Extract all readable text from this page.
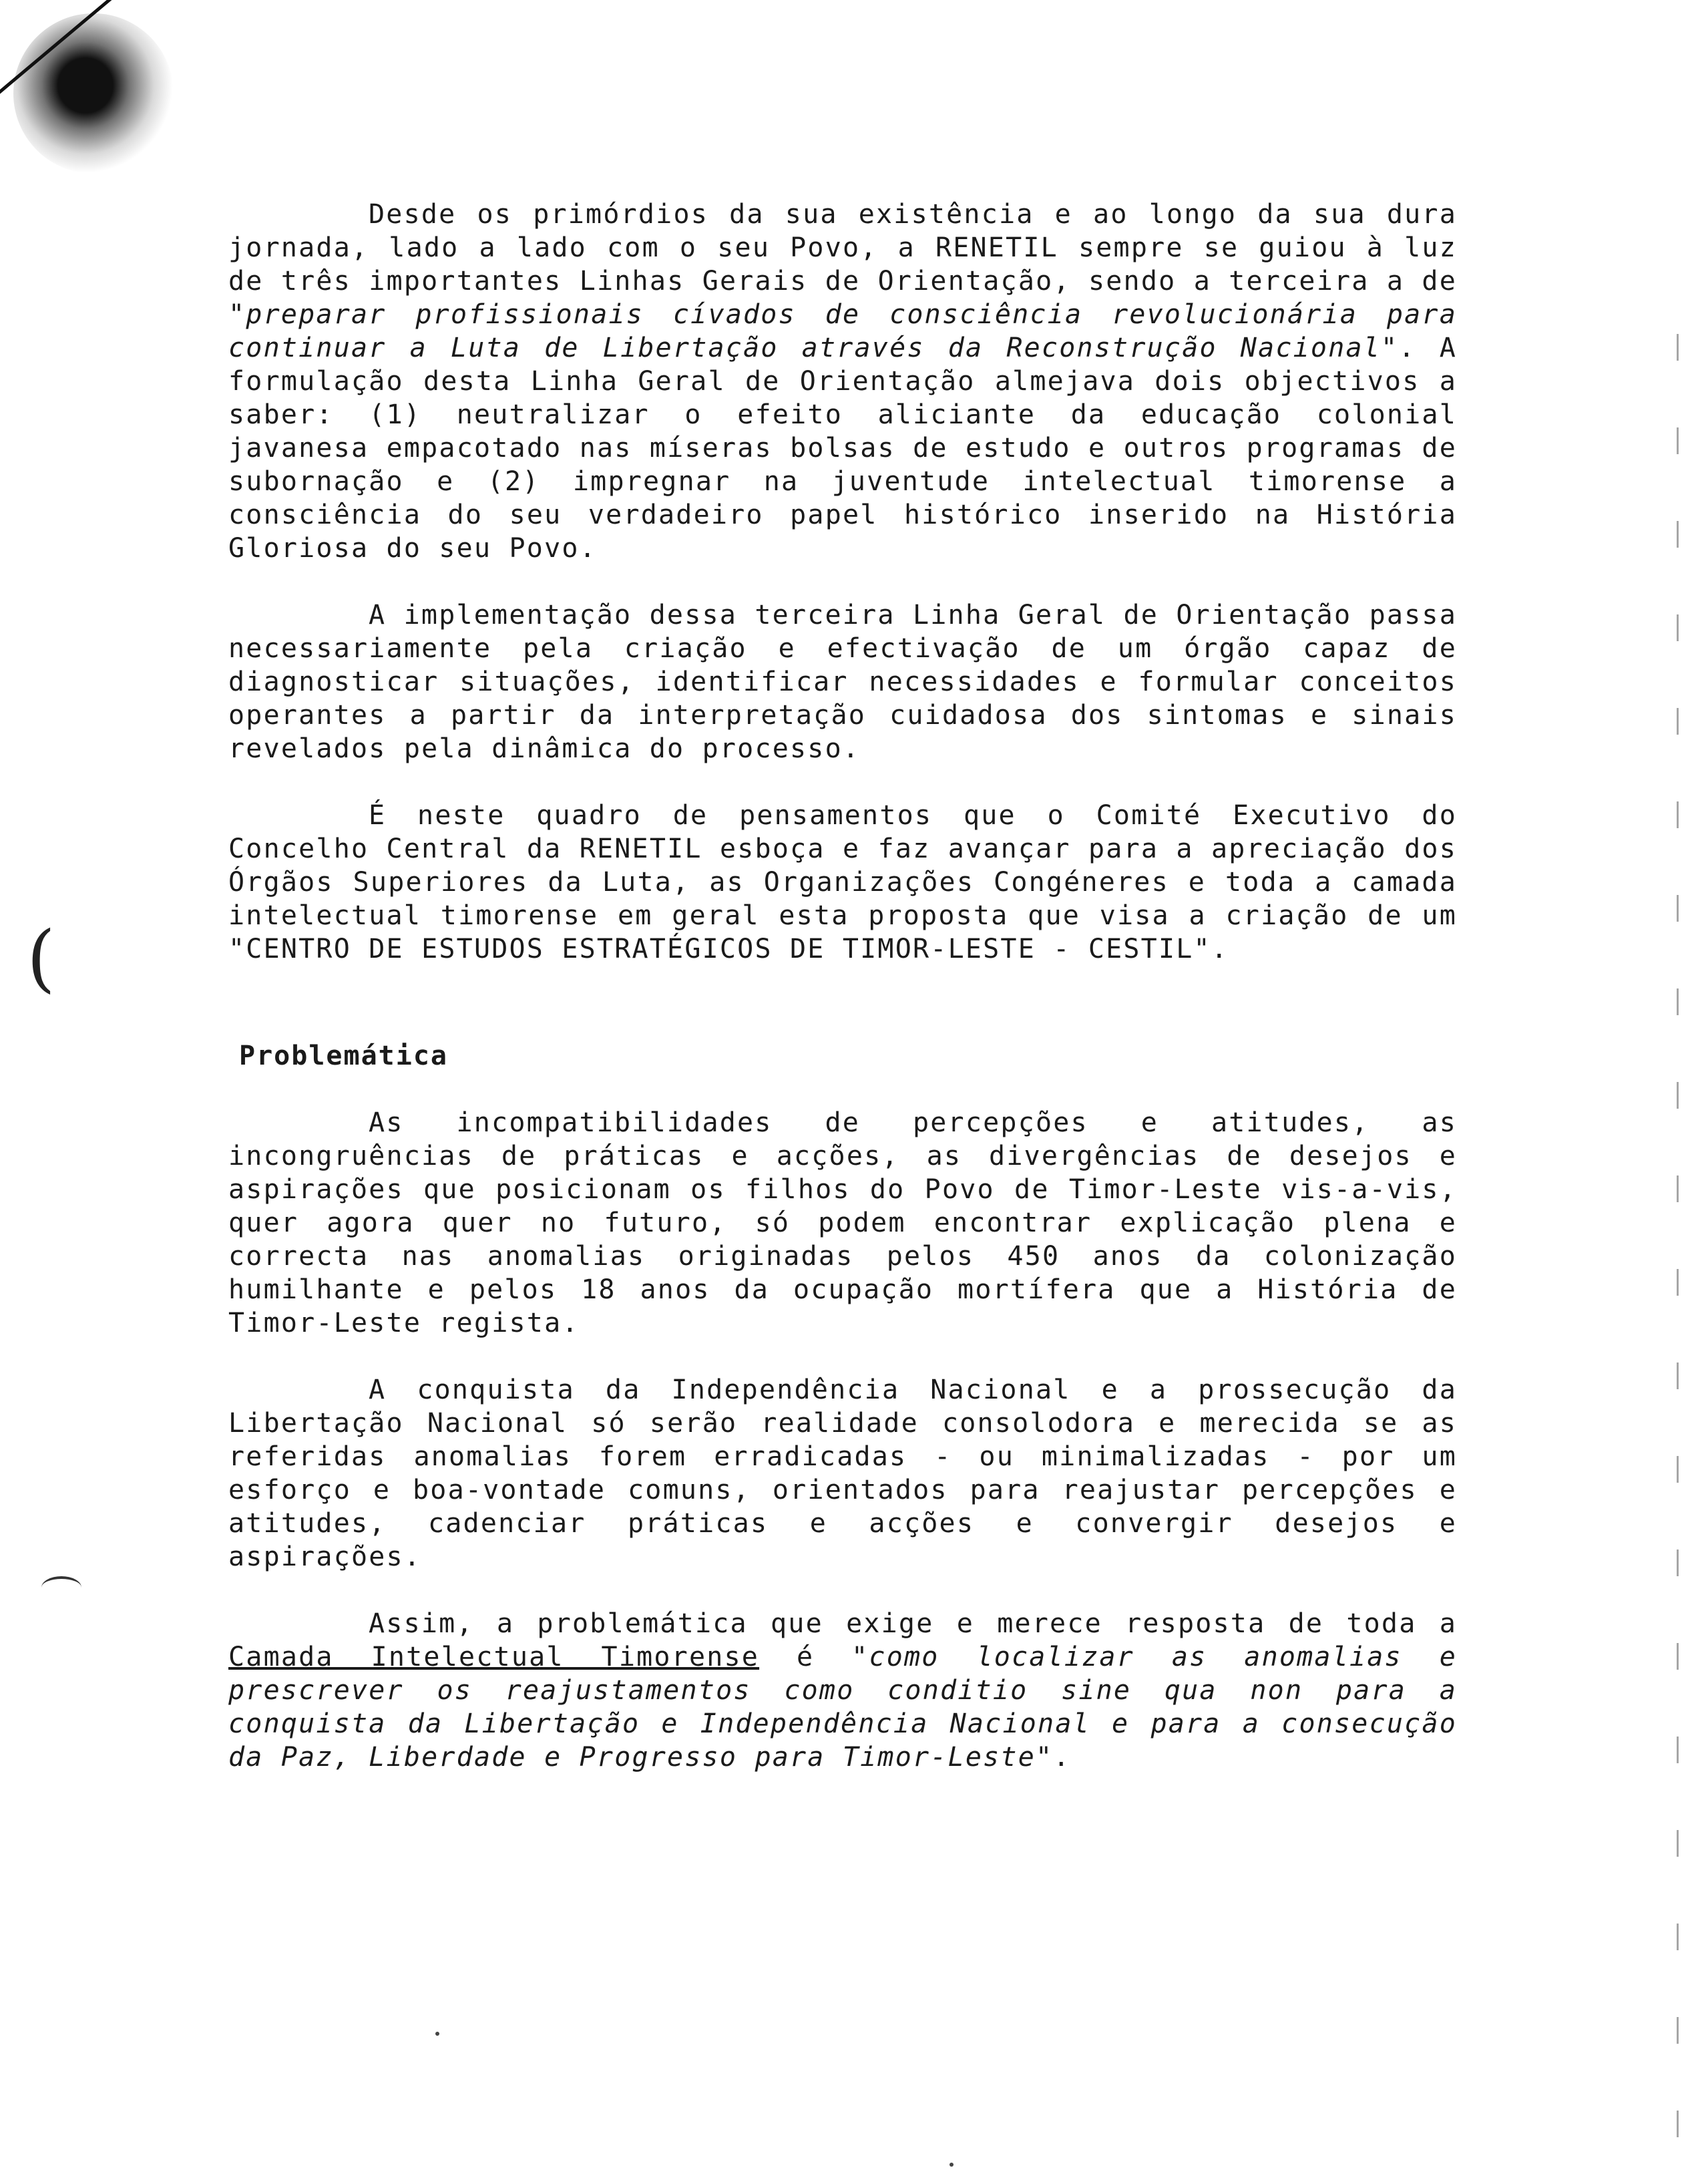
(

Desde os primórdios da sua existência e ao longo da sua dura jornada, lado a lado com o seu Povo, a RENETIL sempre se guiou à luz de três importantes Linhas Gerais de Orientação, sendo a terceira a de "preparar profissionais cívados de consciência revolucionária para continuar a Luta de Libertação através da Reconstrução Nacional". A formulação desta Linha Geral de Orientação almejava dois objectivos a saber: (1) neutralizar o efeito aliciante da educação colonial javanesa empacotado nas míseras bolsas de estudo e outros programas de subornação e (2) impregnar na juventude intelectual timorense a consciência do seu verdadeiro papel histórico inserido na História Gloriosa do seu Povo.

A implementação dessa terceira Linha Geral de Orientação passa necessariamente pela criação e efectivação de um órgão capaz de diagnosticar situações, identificar necessidades e formular conceitos operantes a partir da interpretação cuidadosa dos sintomas e sinais revelados pela dinâmica do processo.

É neste quadro de pensamentos que o Comité Executivo do Concelho Central da RENETIL esboça e faz avançar para a apreciação dos Órgãos Superiores da Luta, as Organizações Congéneres e toda a camada intelectual timorense em geral esta proposta que visa a criação de um "CENTRO DE ESTUDOS ESTRATÉGICOS DE TIMOR-LESTE - CESTIL".

Problemática

As incompatibilidades de percepções e atitudes, as incongruências de práticas e acções, as divergências de desejos e aspirações que posicionam os filhos do Povo de Timor-Leste vis-a-vis, quer agora quer no futuro, só podem encontrar explicação plena e correcta nas anomalias originadas pelos 450 anos da colonização humilhante e pelos 18 anos da ocupação mortífera que a História de Timor-Leste regista.

A conquista da Independência Nacional e a prossecução da Libertação Nacional só serão realidade consolodora e merecida se as referidas anomalias forem erradicadas - ou minimalizadas - por um esforço e boa-vontade comuns, orientados para reajustar percepções e atitudes, cadenciar práticas e acções e convergir desejos e aspirações.

Assim, a problemática que exige e merece resposta de toda a Camada Intelectual Timorense é "como localizar as anomalias e prescrever os reajustamentos como conditio sine qua non para a conquista da Libertação e Independência Nacional e para a consecução da Paz, Liberdade e Progresso para Timor-Leste".
